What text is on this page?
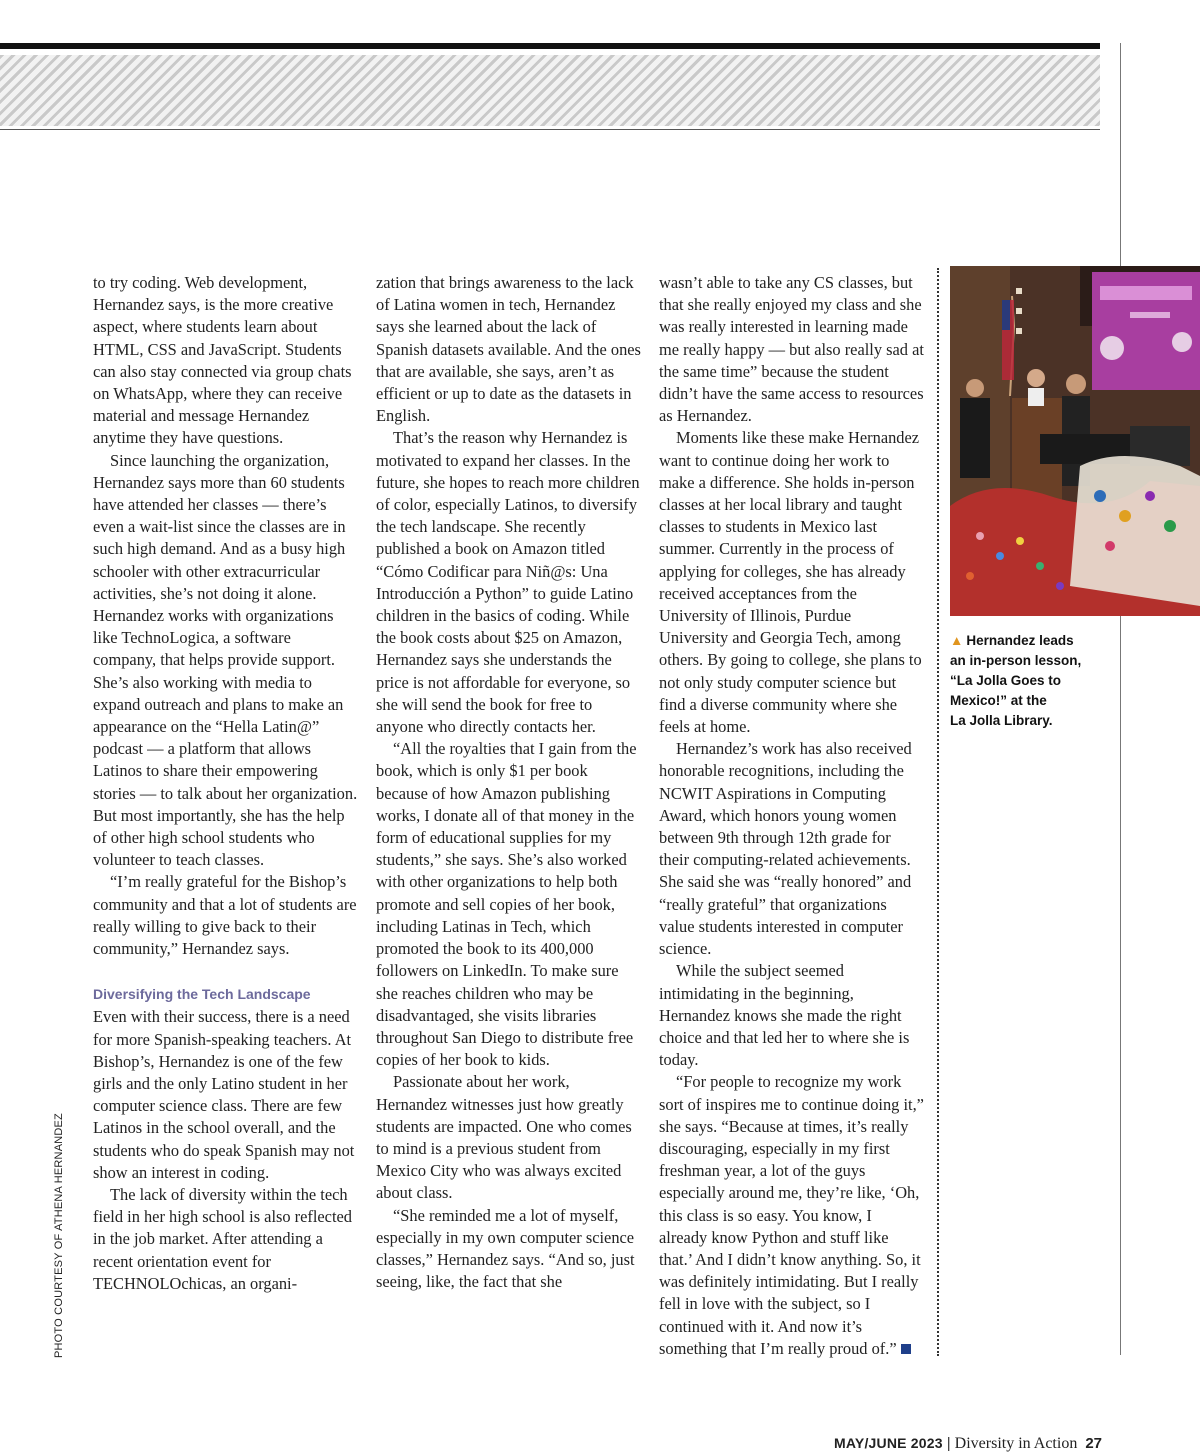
to try coding. Web development, Hernandez says, is the more creative aspect, where students learn about HTML, CSS and JavaScript. Students can also stay connected via group chats on WhatsApp, where they can receive material and message Hernandez anytime they have questions.

Since launching the organization, Hernandez says more than 60 students have attended her classes — there’s even a wait-list since the classes are in such high demand. And as a busy high schooler with other extracurricular activities, she’s not doing it alone. Hernandez works with organizations like TechnoLogica, a software company, that helps provide support. She’s also working with media to expand outreach and plans to make an appearance on the “Hella Latin@” podcast — a platform that allows Latinos to share their empowering stories — to talk about her organization. But most importantly, she has the help of other high school students who volunteer to teach classes.

“I’m really grateful for the Bishop’s community and that a lot of students are really willing to give back to their community,” Hernandez says.

Diversifying the Tech Landscape

Even with their success, there is a need for more Spanish-speaking teachers. At Bishop’s, Hernandez is one of the few girls and the only Latino student in her computer science class. There are few Latinos in the school overall, and the students who do speak Spanish may not show an interest in coding.

The lack of diversity within the tech field in her high school is also reflected in the job market. After attending a recent orientation event for TECHNOLOchicas, an organi-

zation that brings awareness to the lack of Latina women in tech, Hernandez says she learned about the lack of Spanish datasets available. And the ones that are available, she says, aren’t as efficient or up to date as the datasets in English.

That’s the reason why Hernandez is motivated to expand her classes. In the future, she hopes to reach more children of color, especially Latinos, to diversify the tech landscape. She recently published a book on Amazon titled “Cómo Codificar para Niñ@s: Una Introducción a Python” to guide Latino children in the basics of coding. While the book costs about $25 on Amazon, Hernandez says she understands the price is not affordable for everyone, so she will send the book for free to anyone who directly contacts her.

“All the royalties that I gain from the book, which is only $1 per book because of how Amazon publishing works, I donate all of that money in the form of educational supplies for my students,” she says. She’s also worked with other organizations to help both promote and sell copies of her book, including Latinas in Tech, which promoted the book to its 400,000 followers on LinkedIn. To make sure she reaches children who may be disadvantaged, she visits libraries throughout San Diego to distribute free copies of her book to kids.

Passionate about her work, Hernandez witnesses just how greatly students are impacted. One who comes to mind is a previous student from Mexico City who was always excited about class.

“She reminded me a lot of myself, especially in my own computer science classes,” Hernandez says. “And so, just seeing, like, the fact that she

wasn’t able to take any CS classes, but that she really enjoyed my class and she was really interested in learning made me really happy — but also really sad at the same time” because the student didn’t have the same access to resources as Hernandez.

Moments like these make Hernandez want to continue doing her work to make a difference. She holds in-person classes at her local library and taught classes to students in Mexico last summer. Currently in the process of applying for colleges, she has already received acceptances from the University of Illinois, Purdue University and Georgia Tech, among others. By going to college, she plans to not only study computer science but find a diverse community where she feels at home.

Hernandez’s work has also received honorable recognitions, including the NCWIT Aspirations in Computing Award, which honors young women between 9th through 12th grade for their computing-related achievements. She said she was “really honored” and “really grateful” that organizations value students interested in computer science.

While the subject seemed intimidating in the beginning, Hernandez knows she made the right choice and that led her to where she is today.

“For people to recognize my work sort of inspires me to continue doing it,” she says. “Because at times, it’s really discouraging, especially in my first freshman year, a lot of the guys especially around me, they’re like, ‘Oh, this class is so easy. You know, I already know Python and stuff like that.’ And I didn’t know anything. So, it was definitely intimidating. But I really fell in love with the subject, so I continued with it. And now it’s something that I’m really proud of.”

▲ Hernandez leads
an in-person lesson,
“La Jolla Goes to
Mexico!” at the
La Jolla Library.
PHOTO COURTESY OF ATHENA HERNANDEZ
MAY/JUNE 2023 | Diversity in Action 27
